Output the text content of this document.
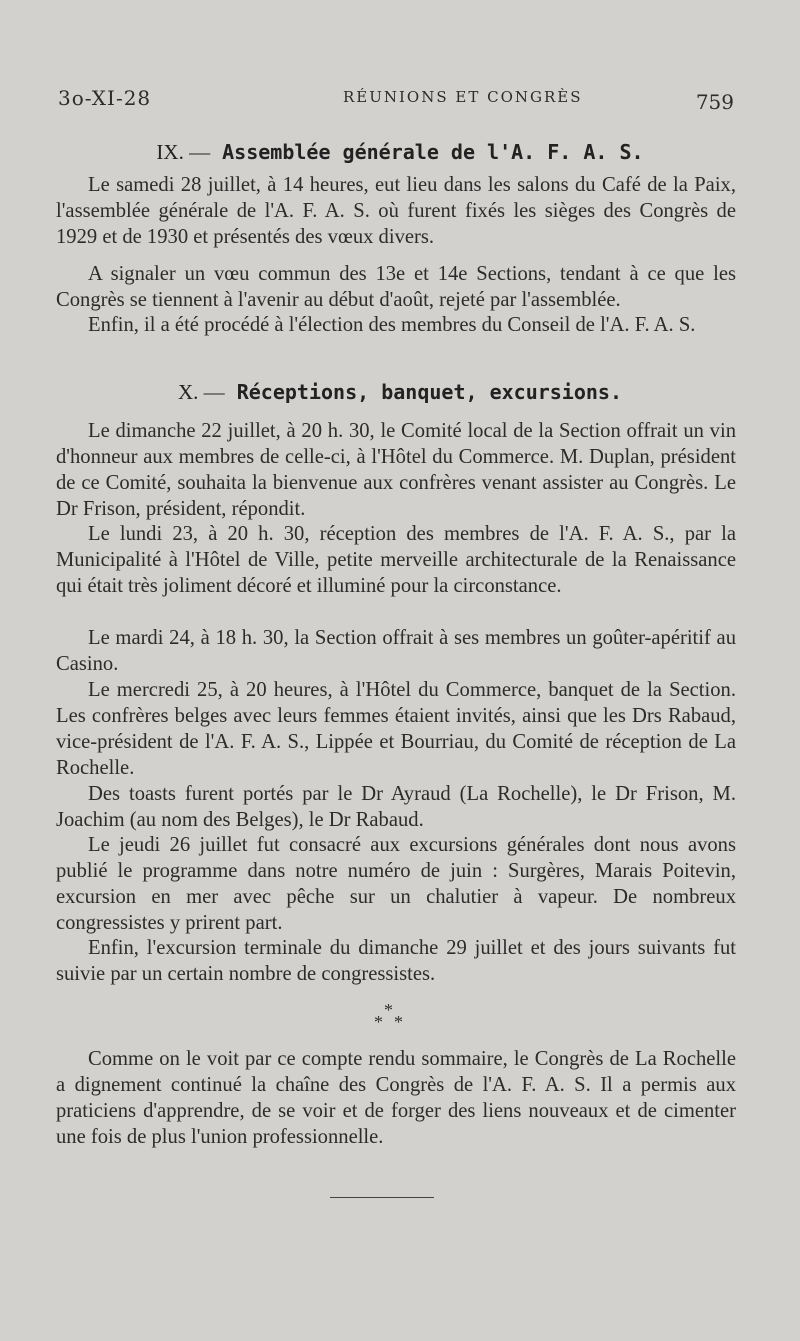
3o-XI-28	RÉUNIONS ET CONGRÈS	759
IX. — Assemblée générale de l'A. F. A. S.

Le samedi 28 juillet, à 14 heures, eut lieu dans les salons du Café de la Paix, l'assemblée générale de l'A. F. A. S. où furent fixés les sièges des Congrès de 1929 et de 1930 et présentés des vœux divers.

A signaler un vœu commun des 13e et 14e Sections, tendant à ce que les Congrès se tiennent à l'avenir au début d'août, rejeté par l'assemblée.

Enfin, il a été procédé à l'élection des membres du Conseil de l'A. F. A. S.

X. — Réceptions, banquet, excursions.

Le dimanche 22 juillet, à 20 h. 30, le Comité local de la Section offrait un vin d'honneur aux membres de celle-ci, à l'Hôtel du Commerce. M. Duplan, président de ce Comité, souhaita la bienvenue aux confrères venant assister au Congrès. Le Dr Frison, président, répondit.

Le lundi 23, à 20 h. 30, réception des membres de l'A. F. A. S., par la Municipalité à l'Hôtel de Ville, petite merveille architecturale de la Renaissance qui était très joliment décoré et illuminé pour la circonstance.

Le mardi 24, à 18 h. 30, la Section offrait à ses membres un goûter-apéritif au Casino.

Le mercredi 25, à 20 heures, à l'Hôtel du Commerce, banquet de la Section. Les confrères belges avec leurs femmes étaient invités, ainsi que les Drs Rabaud, vice-président de l'A. F. A. S., Lippée et Bourriau, du Comité de réception de La Rochelle.

Des toasts furent portés par le Dr Ayraud (La Rochelle), le Dr Frison, M. Joachim (au nom des Belges), le Dr Rabaud.

Le jeudi 26 juillet fut consacré aux excursions générales dont nous avons publié le programme dans notre numéro de juin : Surgères, Marais Poitevin, excursion en mer avec pêche sur un chalutier à vapeur. De nombreux congressistes y prirent part.

Enfin, l'excursion terminale du dimanche 29 juillet et des jours suivants fut suivie par un certain nombre de congressistes.

*
* *

Comme on le voit par ce compte rendu sommaire, le Congrès de La Rochelle a dignement continué la chaîne des Congrès de l'A. F. A. S. Il a permis aux praticiens d'apprendre, de se voir et de forger des liens nouveaux et de cimenter une fois de plus l'union professionnelle.
